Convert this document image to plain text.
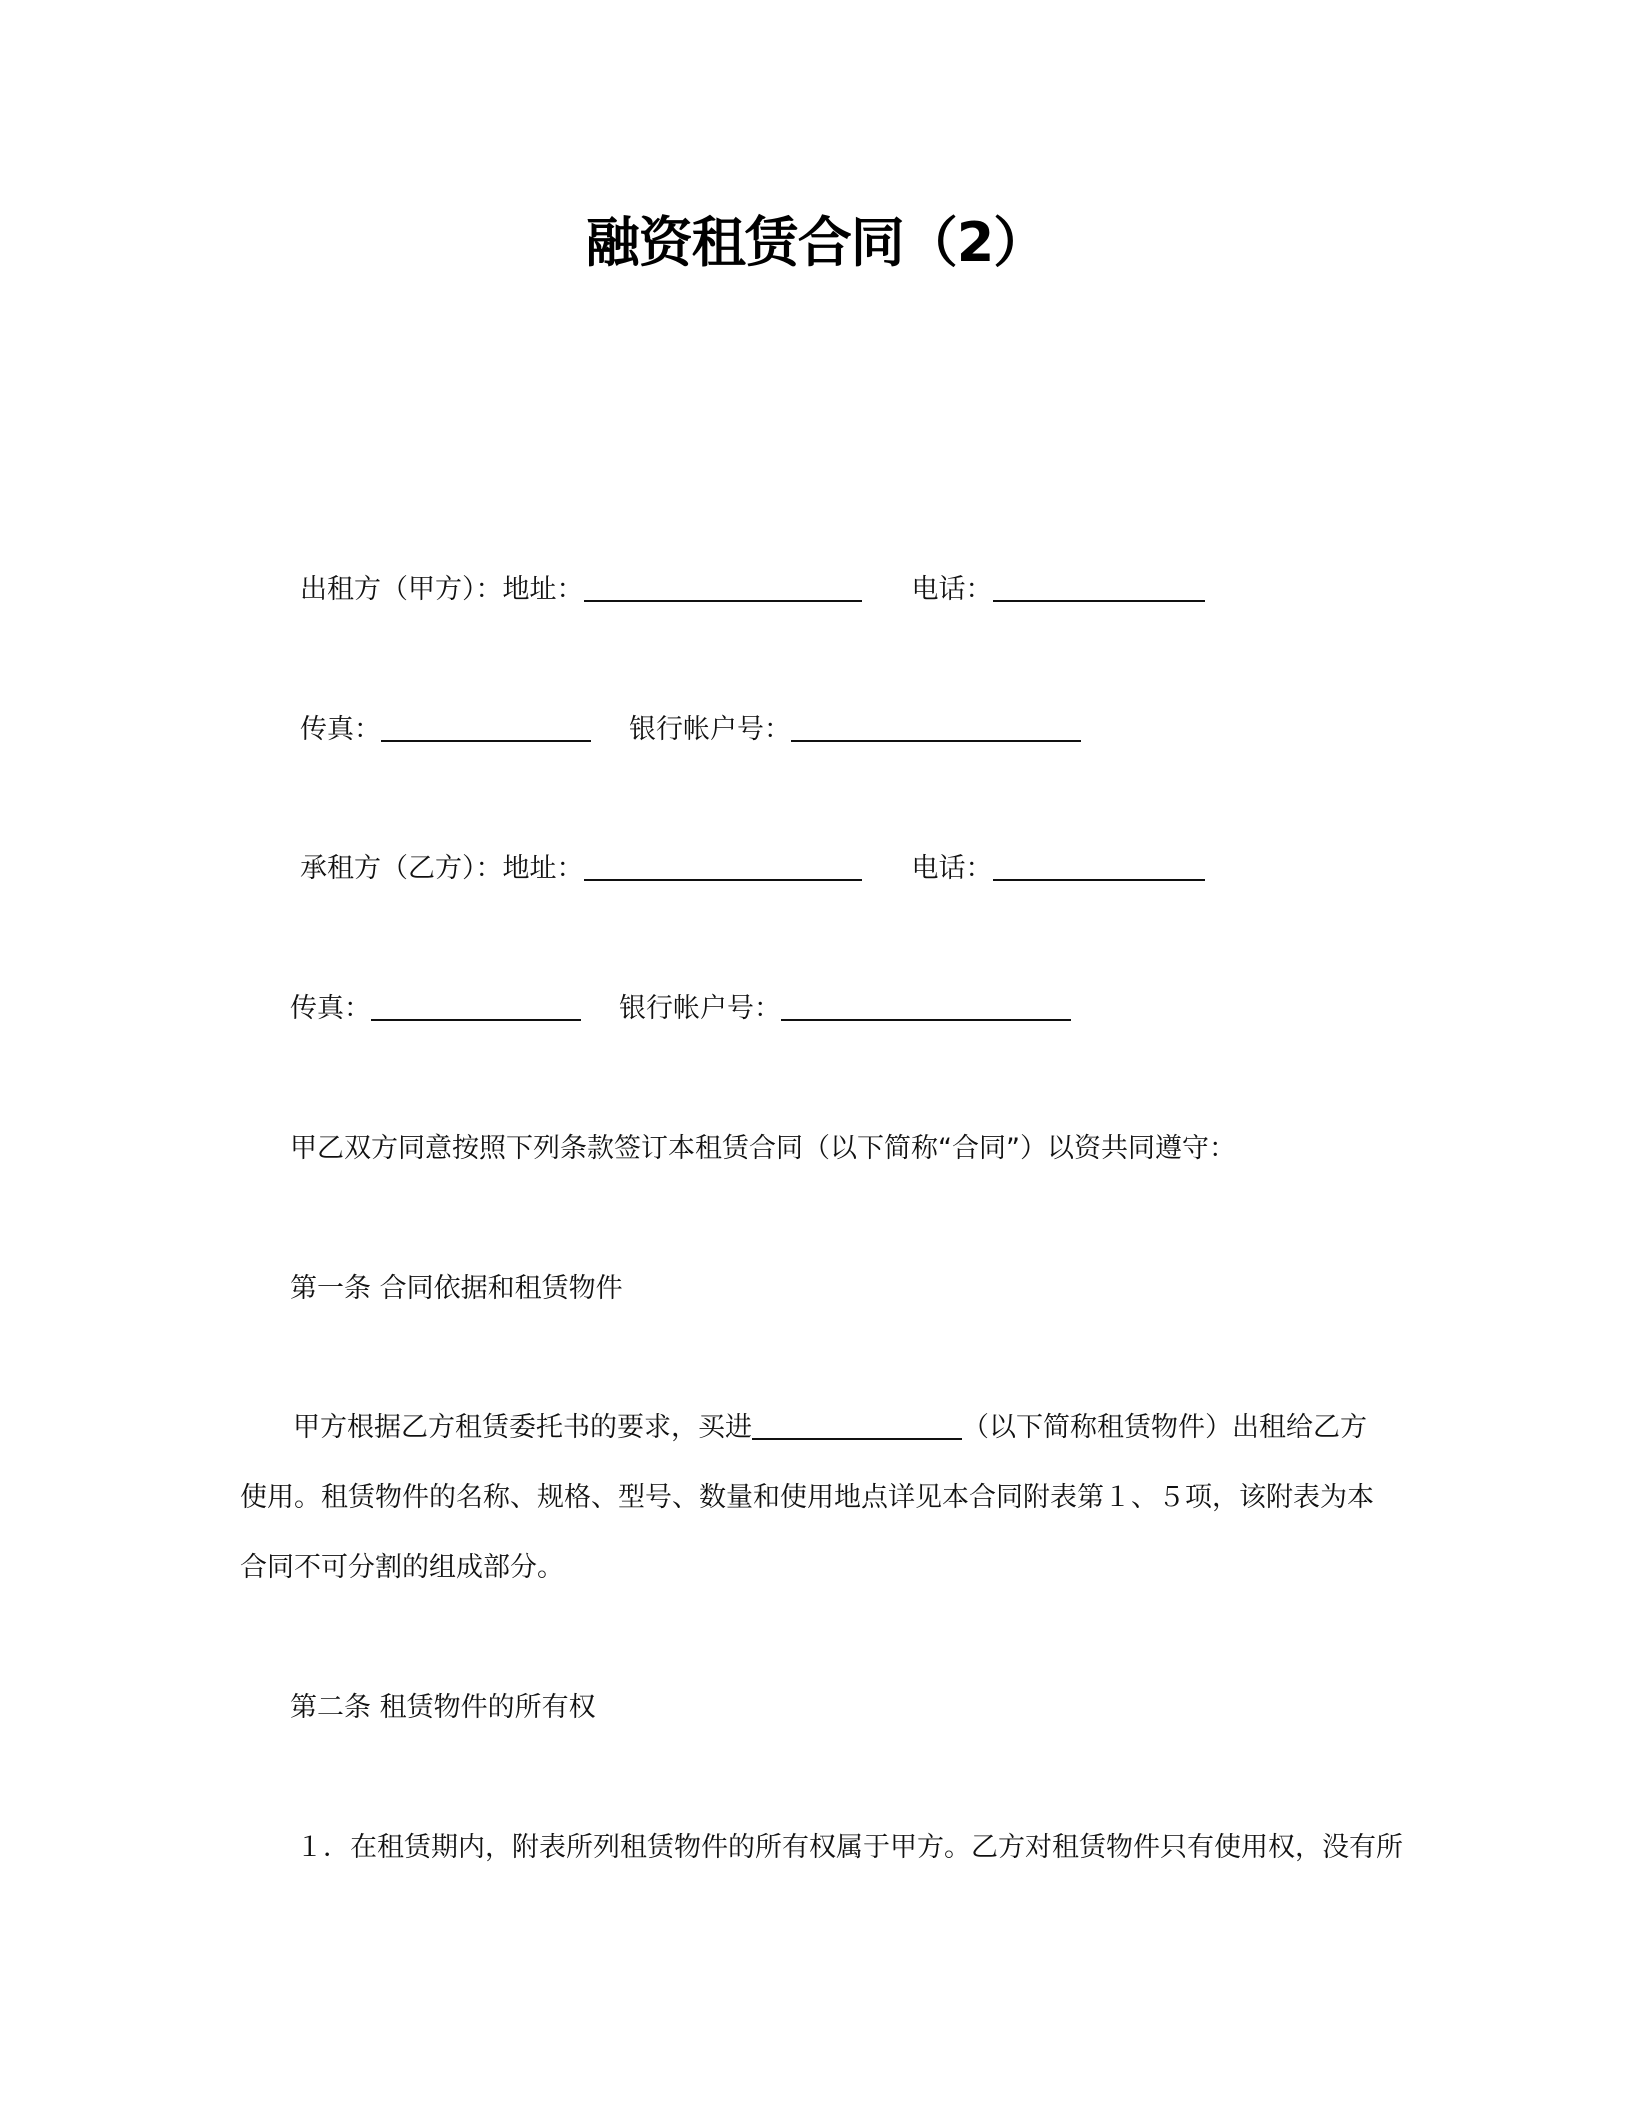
融资租赁合同（2）
出租方（甲方）：地址：	电话：
传真：	银行帐户号：
承租方（乙方）：地址：	电话：
传真：	银行帐户号：
甲乙双方同意按照下列条款签订本租赁合同（以下简称“合同”）以资共同遵守：
第一条 合同依据和租赁物件
甲方根据乙方租赁委托书的要求，买进	（以下简称租赁物件）出租给乙方使用。租赁物件的名称、规格、型号、数量和使用地点详见本合同附表第１、５项，该附表为本合同不可分割的组成部分。
第二条 租赁物件的所有权
１．在租赁期内，附表所列租赁物件的所有权属于甲方。乙方对租赁物件只有使用权，没有所
